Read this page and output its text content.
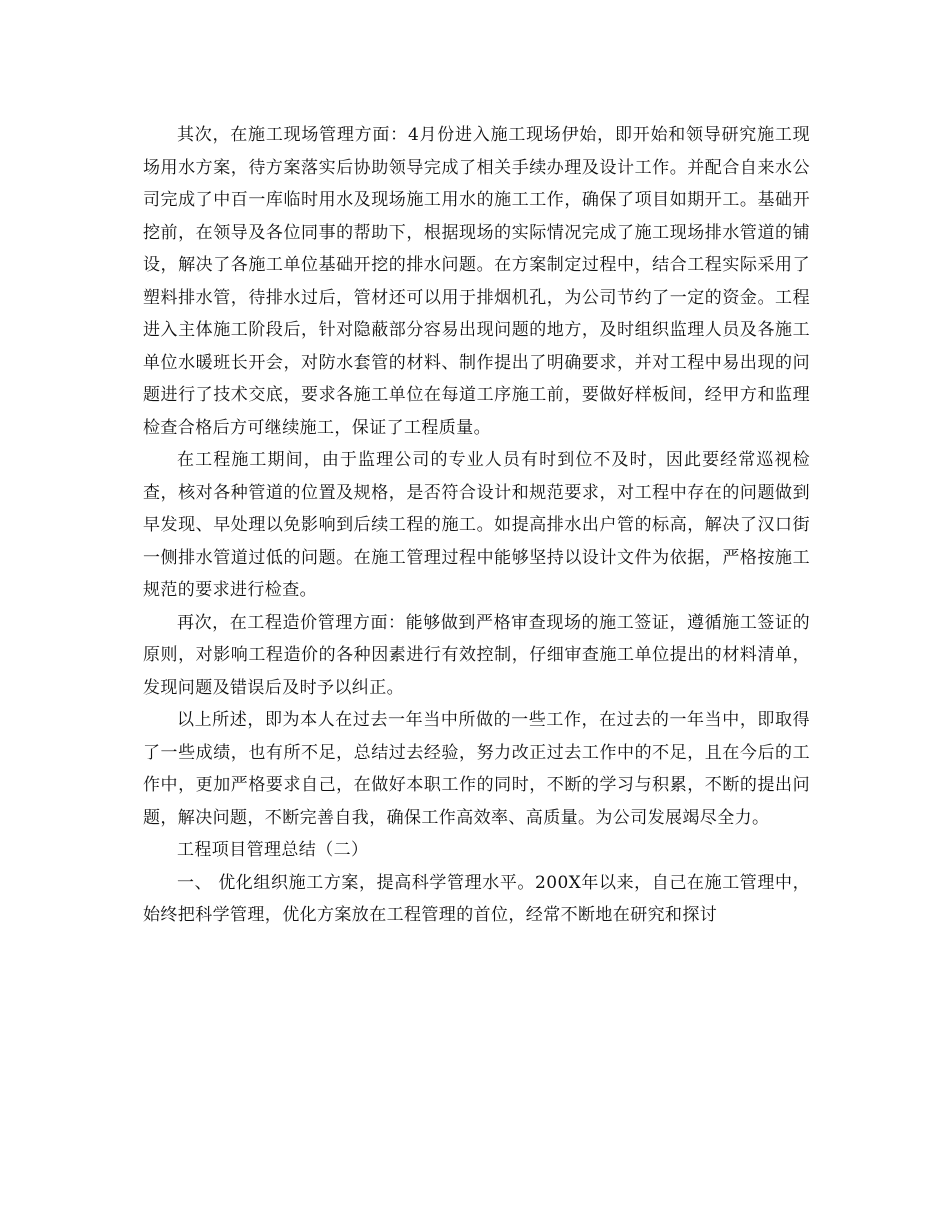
其次，在施工现场管理方面：4月份进入施工现场伊始，即开始和领导研究施工现场用水方案，待方案落实后协助领导完成了相关手续办理及设计工作。并配合自来水公司完成了中百一库临时用水及现场施工用水的施工工作，确保了项目如期开工。基础开挖前，在领导及各位同事的帮助下，根据现场的实际情况完成了施工现场排水管道的铺设，解决了各施工单位基础开挖的排水问题。在方案制定过程中，结合工程实际采用了塑料排水管，待排水过后，管材还可以用于排烟机孔，为公司节约了一定的资金。工程进入主体施工阶段后，针对隐蔽部分容易出现问题的地方，及时组织监理人员及各施工单位水暖班长开会，对防水套管的材料、制作提出了明确要求，并对工程中易出现的问题进行了技术交底，要求各施工单位在每道工序施工前，要做好样板间，经甲方和监理检查合格后方可继续施工，保证了工程质量。

在工程施工期间，由于监理公司的专业人员有时到位不及时，因此要经常巡视检查，核对各种管道的位置及规格，是否符合设计和规范要求，对工程中存在的问题做到早发现、早处理以免影响到后续工程的施工。如提高排水出户管的标高，解决了汉口街一侧排水管道过低的问题。在施工管理过程中能够坚持以设计文件为依据，严格按施工规范的要求进行检查。

再次，在工程造价管理方面：能够做到严格审查现场的施工签证，遵循施工签证的原则，对影响工程造价的各种因素进行有效控制，仔细审查施工单位提出的材料清单，发现问题及错误后及时予以纠正。

以上所述，即为本人在过去一年当中所做的一些工作，在过去的一年当中，即取得了一些成绩，也有所不足，总结过去经验，努力改正过去工作中的不足，且在今后的工作中，更加严格要求自己，在做好本职工作的同时，不断的学习与积累，不断的提出问题，解决问题，不断完善自我，确保工作高效率、高质量。为公司发展竭尽全力。

工程项目管理总结（二）

一、 优化组织施工方案，提高科学管理水平。200X年以来，自己在施工管理中，始终把科学管理，优化方案放在工程管理的首位，经常不断地在研究和探讨
